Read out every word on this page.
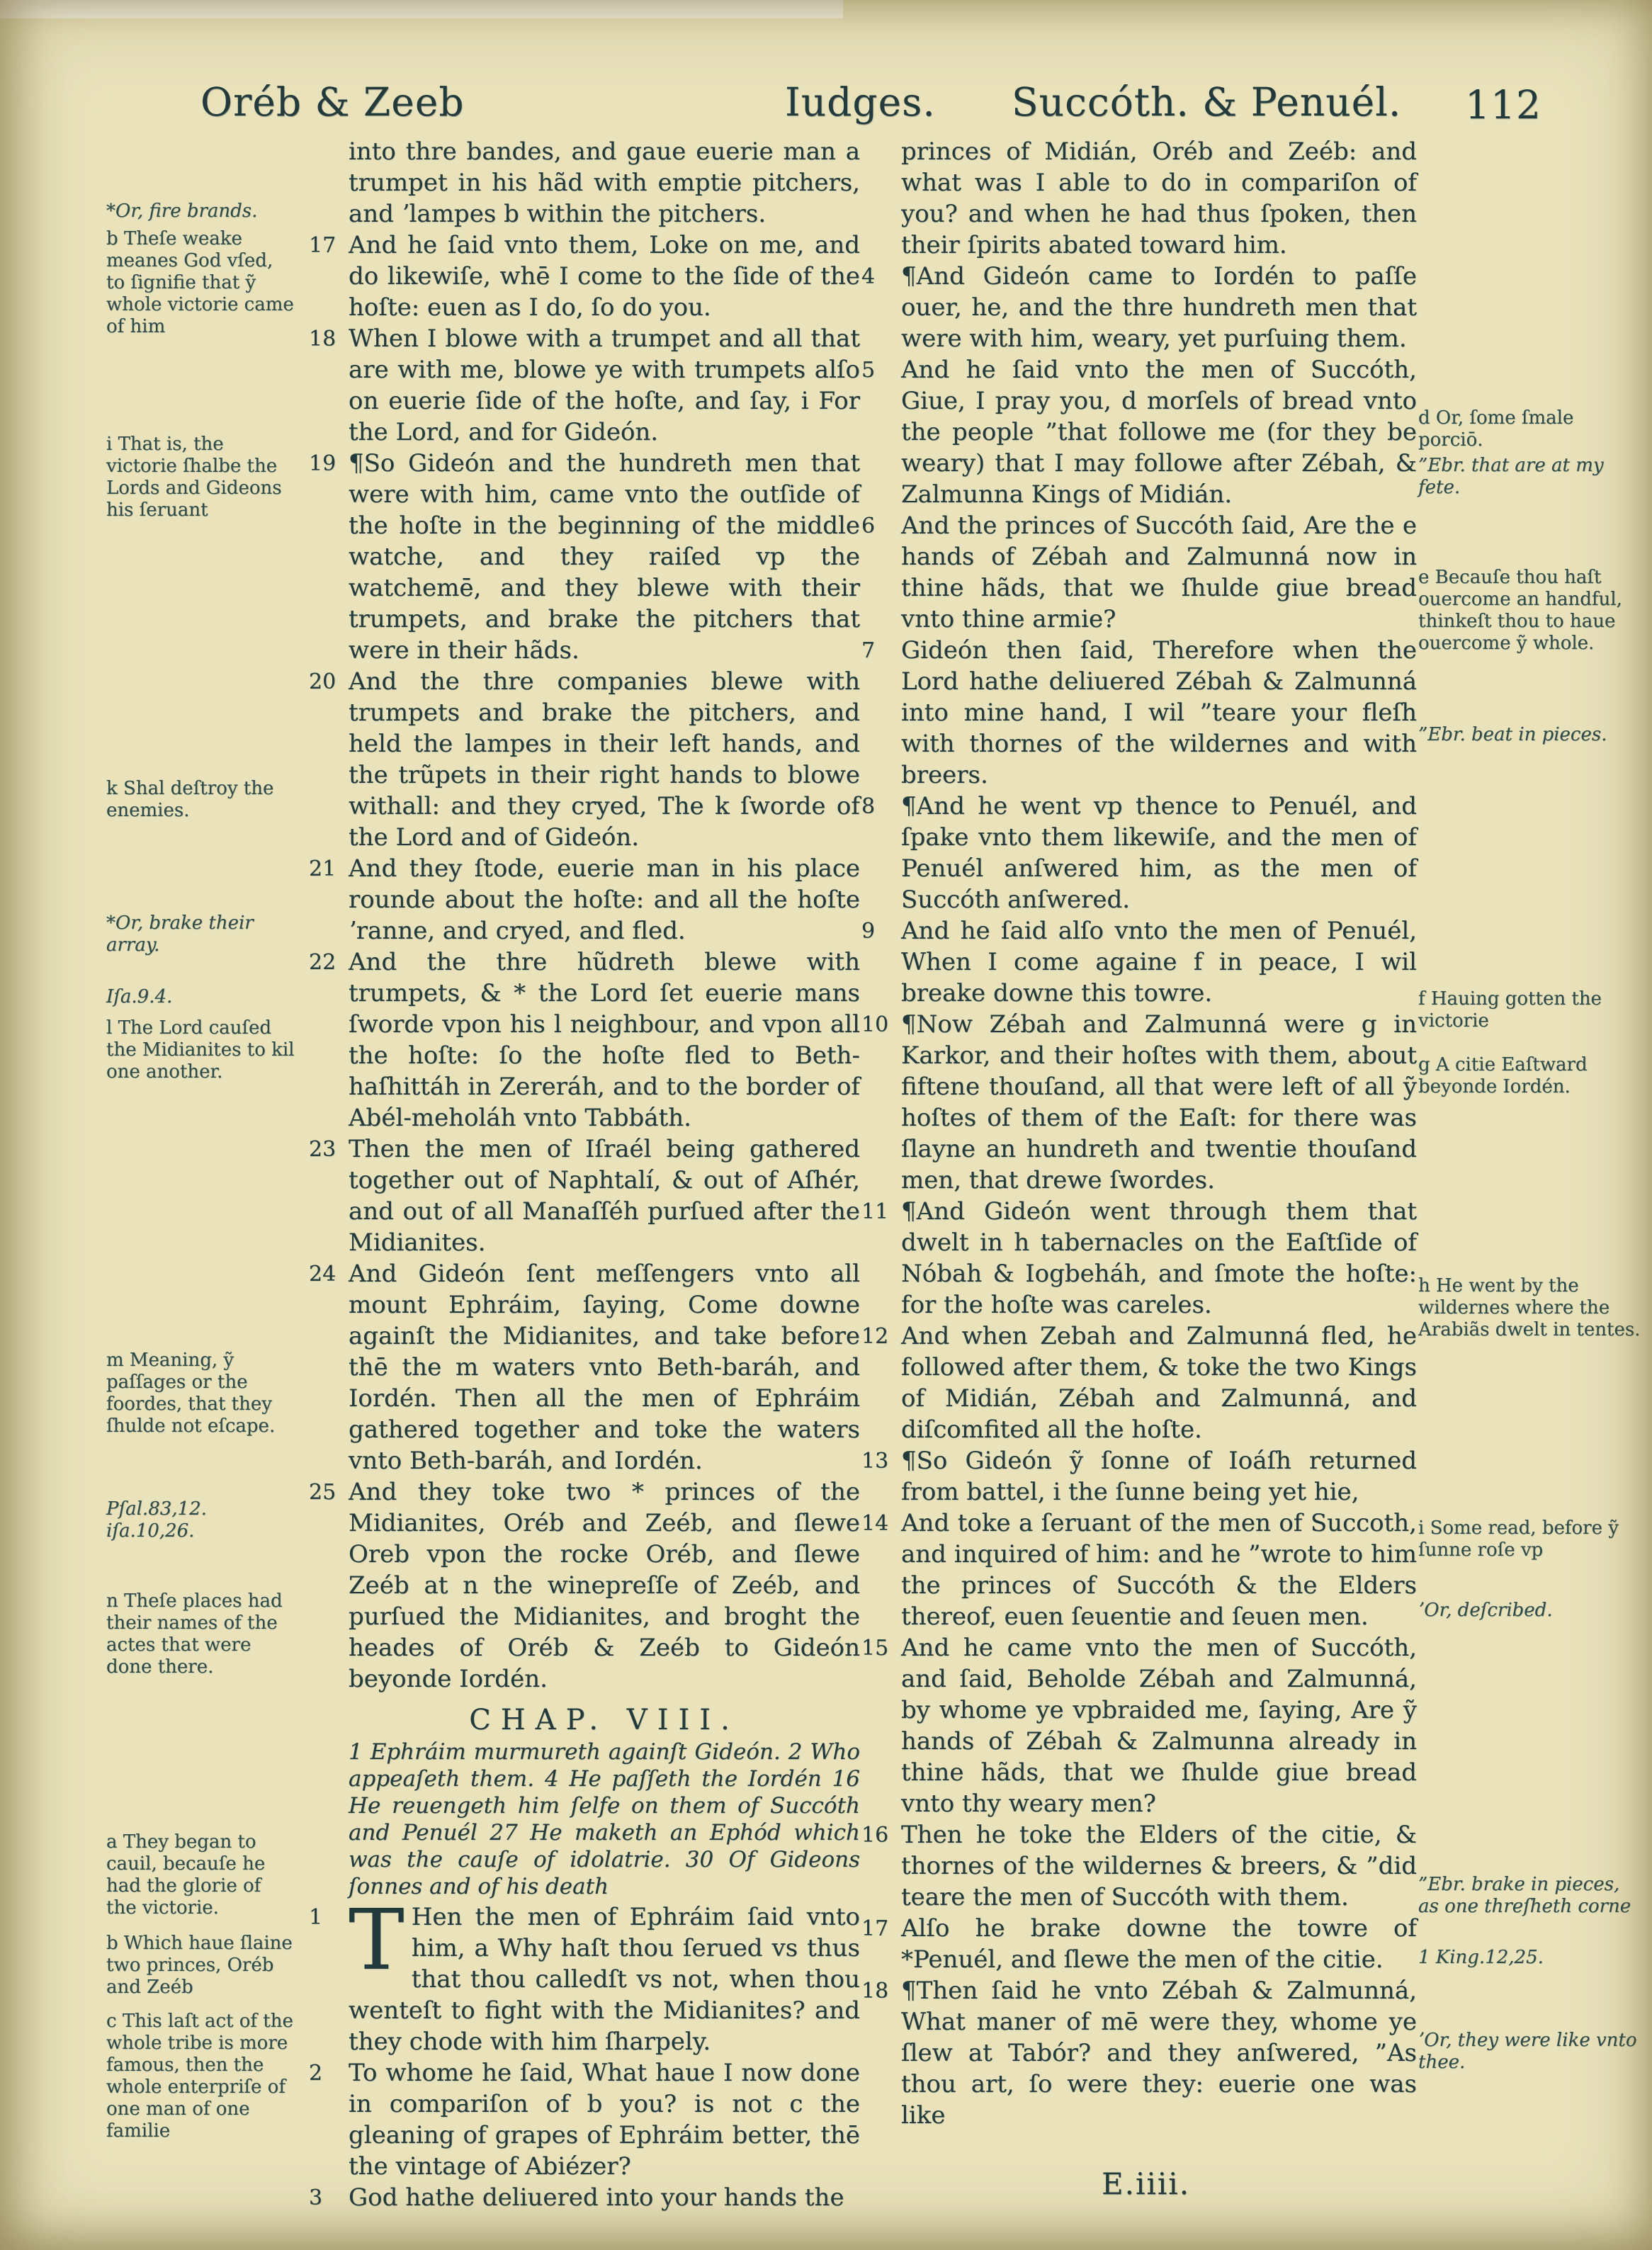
Oréb & Zeeb	Iudges. Succóth. & Penuél. 112
*Or, fire brands.
b Theſe weake meanes God vſed, to ſignifie that ỹ whole victorie came of him
i That is, the victorie ſhalbe the Lords and Gideons his ſeruant
k Shal deſtroy the enemies.
*Or, brake their array.
Iſa.9.4.
l The Lord cauſed the Midianites to kil one another.
m Meaning, ỹ paſſages or the foordes, that they ſhulde not eſcape.
Pſal.83,12. iſa.10,26.
n Theſe places had their names of the actes that were done there.
a They began to cauil, becauſe he had the glorie of the victorie.
b Which haue ſlaine two princes, Oréb and Zeéb
c This laſt act of the whole tribe is more famous, then the whole enterpriſe of one man of one familie

into thre bandes, and gaue euerie man a trumpet in his hãd with emptie pitchers, and ʼlampes b within the pitchers.

17 And he ſaid vnto them, Loke on me, and do likewiſe, whē I come to the ſide of the hoſte: euen as I do, ſo do you.

18 When I blowe with a trumpet and all that are with me, blowe ye with trumpets alſo on euerie ſide of the hoſte, and ſay, i For the Lord, and for Gideón.

19 ¶So Gideón and the hundreth men that were with him, came vnto the outſide of the hoſte in the beginning of the middle watche, and they raiſed vp the watchemē, and they blewe with their trumpets, and brake the pitchers that were in their hãds.

20 And the thre companies blewe with trumpets and brake the pitchers, and held the lampes in their left hands, and the trũpets in their right hands to blowe withall: and they cryed, The k ſworde of the Lord and of Gideón.

21 And they ſtode, euerie man in his place rounde about the hoſte: and all the hoſte ʼranne, and cryed, and fled.

22 And the thre hũdreth blewe with trumpets, & * the Lord ſet euerie mans ſworde vpon his l neighbour, and vpon all the hoſte: ſo the hoſte fled to Beth-haſhittáh in Zereráh, and to the border of Abél-meholáh vnto Tabbáth.

23 Then the men of Iſraél being gathered together out of Naphtalí, & out of Aſhér, and out of all Manaſſéh purſued after the Midianites.

24 And Gideón ſent meſſengers vnto all mount Ephráim, ſaying, Come downe againſt the Midianites, and take before thē the m waters vnto Beth-baráh, and Iordén. Then all the men of Ephráim gathered together and toke the waters vnto Beth-baráh, and Iordén.

25 And they toke two * princes of the Midianites, Oréb and Zeéb, and ſlewe Oreb vpon the rocke Oréb, and ſlewe Zeéb at n the winepreſſe of Zeéb, and purſued the Midianites, and broght the heades of Oréb & Zeéb to Gideón beyonde Iordén.

CHAP. VIII.

1 Ephráim murmureth againſt Gideón. 2 Who appeaſeth them. 4 He paſſeth the Iordén 16 He reuengeth him ſelfe on them of Succóth and Penuél 27 He maketh an Ephód which was the cauſe of idolatrie. 30 Of Gideons ſonnes and of his death

1 T Hen the men of Ephráim ſaid vnto him, a Why haſt thou ſerued vs thus that thou calledſt vs not, when thou wenteſt to fight with the Midianites? and they chode with him ſharpely.

2	To whome he ſaid, What haue I now done in compariſon of b you? is not c the gleaning of grapes of Ephráim better, thē the vintage of Abiézer?

3	God hathe deliuered into your hands the

princes of Midián, Oréb and Zeéb: and what was I able to do in compariſon of you? and when he had thus ſpoken, then their ſpirits abated toward him.

4	¶And Gideón came to Iordén to paſſe ouer, he, and the thre hundreth men that were with him, weary, yet purſuing them.

5	And he ſaid vnto the men of Succóth, Giue, I pray you, d morſels of bread vnto the people ”that followe me (for they be weary) that I may followe after Zébah, & Zalmunna Kings of Midián.

6	And the princes of Succóth ſaid, Are the e hands of Zébah and Zalmunná now in thine hãds, that we ſhulde giue bread vnto thine armie?

7	Gideón then ſaid, Therefore when the Lord hathe deliuered Zébah & Zalmunná into mine hand, I wil ”teare your fleſh with thornes of the wildernes and with breers.

8	¶And he went vp thence to Penuél, and ſpake vnto them likewiſe, and the men of Penuél anſwered him, as the men of Succóth anſwered.

9	And he ſaid alſo vnto the men of Penuél, When I come againe f in peace, I wil breake downe this towre.

10 ¶Now Zébah and Zalmunná were g in Karkor, and their hoſtes with them, about fiftene thouſand, all that were left of all ỹ hoſtes of them of the Eaſt: for there was ſlayne an hundreth and twentie thouſand men, that drewe ſwordes.

11 ¶And Gideón went through them that dwelt in h tabernacles on the Eaſtſide of Nóbah & Iogbeháh, and ſmote the hoſte: for the hoſte was careles.

12 And when Zebah and Zalmunná fled, he followed after them, & toke the two Kings of Midián, Zébah and Zalmunná, and diſcomfited all the hoſte.

13 ¶So Gideón ỹ ſonne of Ioáſh returned from battel, i the ſunne being yet hie,

14 And toke a ſeruant of the men of Succoth, and inquired of him: and he ”wrote to him the princes of Succóth & the Elders thereof, euen ſeuentie and ſeuen men.

15 And he came vnto the men of Succóth, and ſaid, Beholde Zébah and Zalmunná, by whome ye vpbraided me, ſaying, Are ỹ hands of Zébah & Zalmunna already in thine hãds, that we ſhulde giue bread vnto thy weary men?

16 Then he toke the Elders of the citie, & thornes of the wildernes & breers, & ”did teare the men of Succóth with them.

17 Alſo he brake downe the towre of *Penuél, and ſlewe the men of the citie.

18 ¶Then ſaid he vnto Zébah & Zalmunná, What maner of mē were they, whome ye ſlew at Tabór? and they anſwered, ”As thou art, ſo were they: euerie one was like

d Or, ſome ſmale porciō.
”Ebr. that are at my fete.
e Becauſe thou haſt ouercome an handful, thinkeſt thou to haue ouercome ỹ whole.
”Ebr. beat in pieces.
f Hauing gotten the victorie
g A citie Eaſtward beyonde Iordén.
h He went by the wildernes where the Arabiãs dwelt in tentes.
i Some read, before ỹ ſunne roſe vp
ʼOr, deſcribed.
”Ebr. brake in pieces, as one threſheth corne
1 King.12,25.
ʼOr, they were like vnto thee.
E.iiii.
